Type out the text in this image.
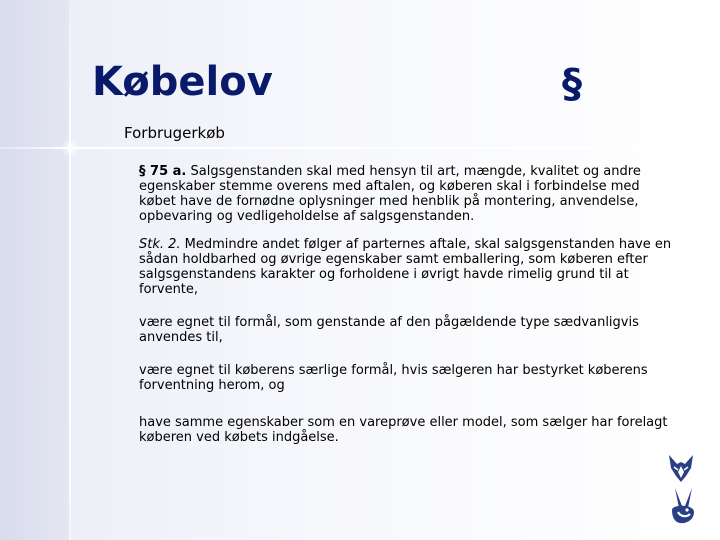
Købelov	§
Forbrugerkøb

§ 75 a. Salgsgenstanden skal med hensyn til art, mængde, kvalitet og andre egenskaber stemme overens med aftalen, og køberen skal i forbindelse med købet have de fornødne oplysninger med henblik på montering, anvendelse, opbevaring og vedligeholdelse af salgsgenstanden.

Stk. 2. Medmindre andet følger af parternes aftale, skal salgsgenstanden have en sådan holdbarhed og øvrige egenskaber samt emballering, som køberen efter salgsgenstandens karakter og forholdene i øvrigt havde rimelig grund til at forvente,

være egnet til formål, som genstande af den pågældende type sædvanligvis anvendes til,

være egnet til køberens særlige formål, hvis sælgeren har bestyrket køberens forventning herom, og

have samme egenskaber som en vareprøve eller model, som sælger har forelagt køberen ved købets indgåelse.
